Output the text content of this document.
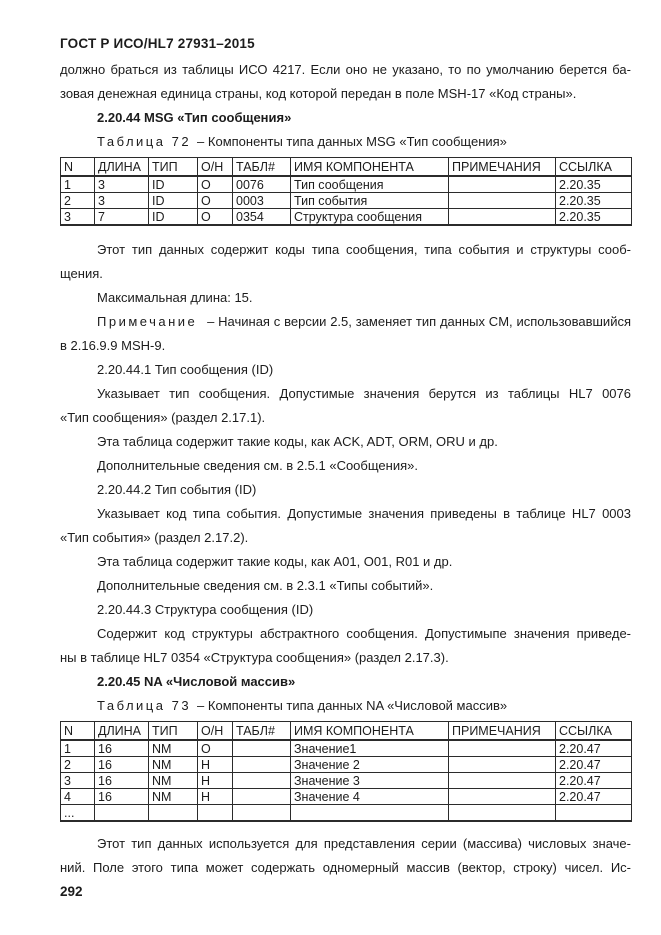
ГОСТ Р ИСО/HL7 27931–2015
должно браться из таблицы ИСО 4217. Если оно не указано, то по умолчанию берется ба-
зовая денежная единица страны, код которой передан в поле MSH-17 «Код страны».
2.20.44 MSG «Тип сообщения»
Таблица 72 – Компоненты типа данных MSG «Тип сообщения»
N	ДЛИНА	ТИП	О/Н	ТАБЛ#	ИМЯ КОМПОНЕНТА	ПРИМЕЧАНИЯ	ССЫЛКА
1	3	ID	О	0076	Тип сообщения		2.20.35
2	3	ID	О	0003	Тип события		2.20.35
3	7	ID	О	0354	Структура сообщения		2.20.35
Этот тип данных содержит коды типа сообщения, типа события и структуры сооб-
щения.
Максимальная длина: 15.
Примечание – Начиная с версии 2.5, заменяет тип данных CM, использовавшийся
в 2.16.9.9 MSH-9.
2.20.44.1 Тип сообщения (ID)
Указывает тип сообщения. Допустимые значения берутся из таблицы HL7 0076
«Тип сообщения» (раздел 2.17.1).
Эта таблица содержит такие коды, как ACK, ADT, ORM, ORU и др.
Дополнительные сведения см. в 2.5.1 «Сообщения».
2.20.44.2 Тип события (ID)
Указывает код типа события. Допустимые значения приведены в таблице HL7 0003
«Тип события» (раздел 2.17.2).
Эта таблица содержит такие коды, как A01, O01, R01 и др.
Дополнительные сведения см. в 2.3.1 «Типы событий».
2.20.44.3 Структура сообщения (ID)
Содержит код структуры абстрактного сообщения. Допустимыпе значения приведе-
ны в таблице HL7 0354 «Структура сообщения» (раздел 2.17.3).
2.20.45 NA «Числовой массив»
Таблица 73 – Компоненты типа данных NA «Числовой массив»
N	ДЛИНА	ТИП	О/Н	ТАБЛ#	ИМЯ КОМПОНЕНТА	ПРИМЕЧАНИЯ	ССЫЛКА
1	16	NM	О		Значение1		2.20.47
2	16	NM	Н		Значение 2		2.20.47
3	16	NM	Н		Значение 3		2.20.47
4	16	NM	Н		Значение 4		2.20.47
...							
Этот тип данных используется для представления серии (массива) числовых значе-
ний. Поле этого типа может содержать одномерный массив (вектор, строку) чисел. Ис-
292
